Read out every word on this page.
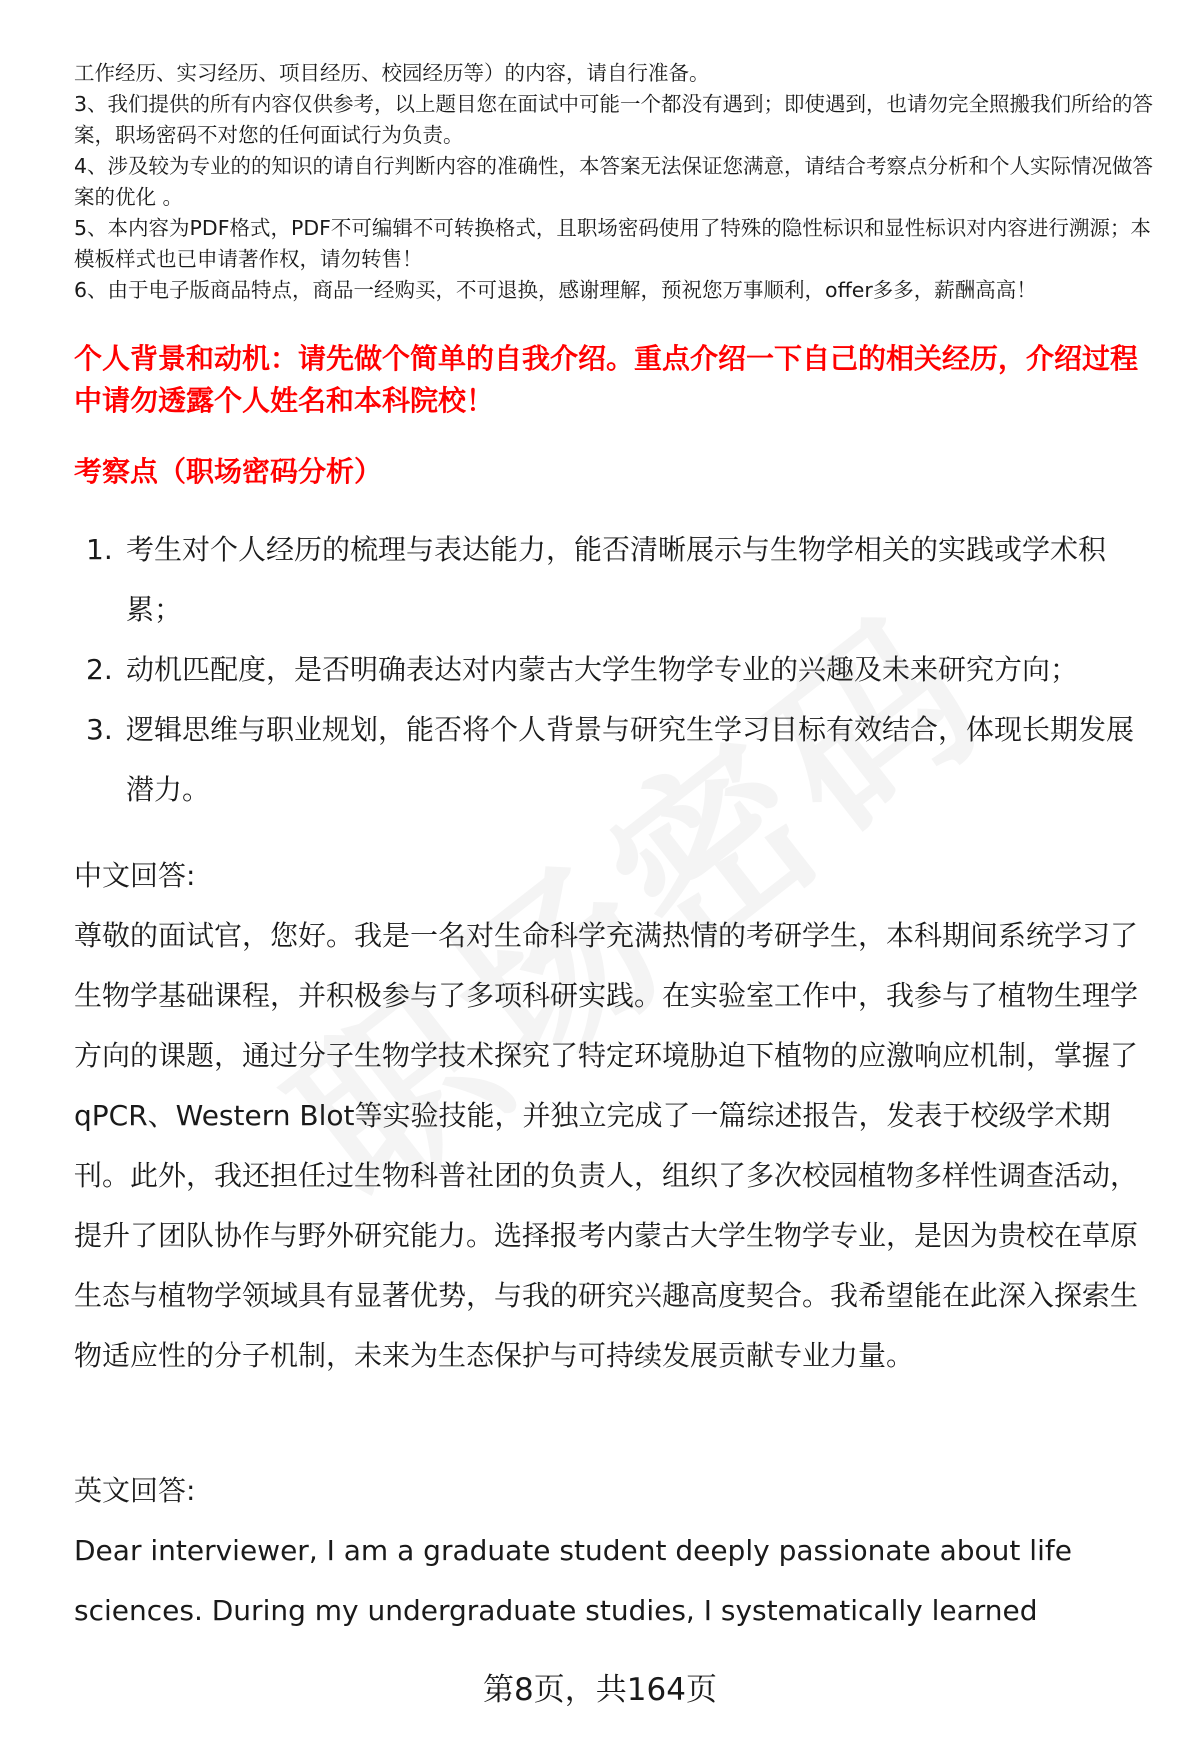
工作经历、实习经历、项目经历、校园经历等）的内容，请自行准备。

3、我们提供的所有内容仅供参考，以上题目您在面试中可能一个都没有遇到；即使遇到，也请勿完全照搬我们所给的答案，职场密码不对您的任何面试行为负责。

4、涉及较为专业的的知识的请自行判断内容的准确性，本答案无法保证您满意，请结合考察点分析和个人实际情况做答案的优化 。

5、本内容为PDF格式，PDF不可编辑不可转换格式，且职场密码使用了特殊的隐性标识和显性标识对内容进行溯源；本模板样式也已申请著作权，请勿转售！

6、由于电子版商品特点，商品一经购买，不可退换，感谢理解，预祝您万事顺利，offer多多，薪酬高高！

个人背景和动机：请先做个简单的自我介绍。重点介绍一下自己的相关经历，介绍过程中请勿透露个人姓名和本科院校！
考察点（职场密码分析）
1. 考生对个人经历的梳理与表达能力，能否清晰展示与生物学相关的实践或学术积累；
2. 动机匹配度，是否明确表达对内蒙古大学生物学专业的兴趣及未来研究方向；
3. 逻辑思维与职业规划，能否将个人背景与研究生学习目标有效结合，体现长期发展潜力。
中文回答:

尊敬的面试官，您好。我是一名对生命科学充满热情的考研学生，本科期间系统学习了生物学基础课程，并积极参与了多项科研实践。在实验室工作中，我参与了植物生理学方向的课题，通过分子生物学技术探究了特定环境胁迫下植物的应激响应机制，掌握了qPCR、Western Blot等实验技能，并独立完成了一篇综述报告，发表于校级学术期刊。此外，我还担任过生物科普社团的负责人，组织了多次校园植物多样性调查活动，提升了团队协作与野外研究能力。选择报考内蒙古大学生物学专业，是因为贵校在草原生态与植物学领域具有显著优势，与我的研究兴趣高度契合。我希望能在此深入探索生物适应性的分子机制，未来为生态保护与可持续发展贡献专业力量。

英文回答:

Dear interviewer, I am a graduate student deeply passionate about life sciences. During my undergraduate studies, I systematically learned

第8页，共164页
